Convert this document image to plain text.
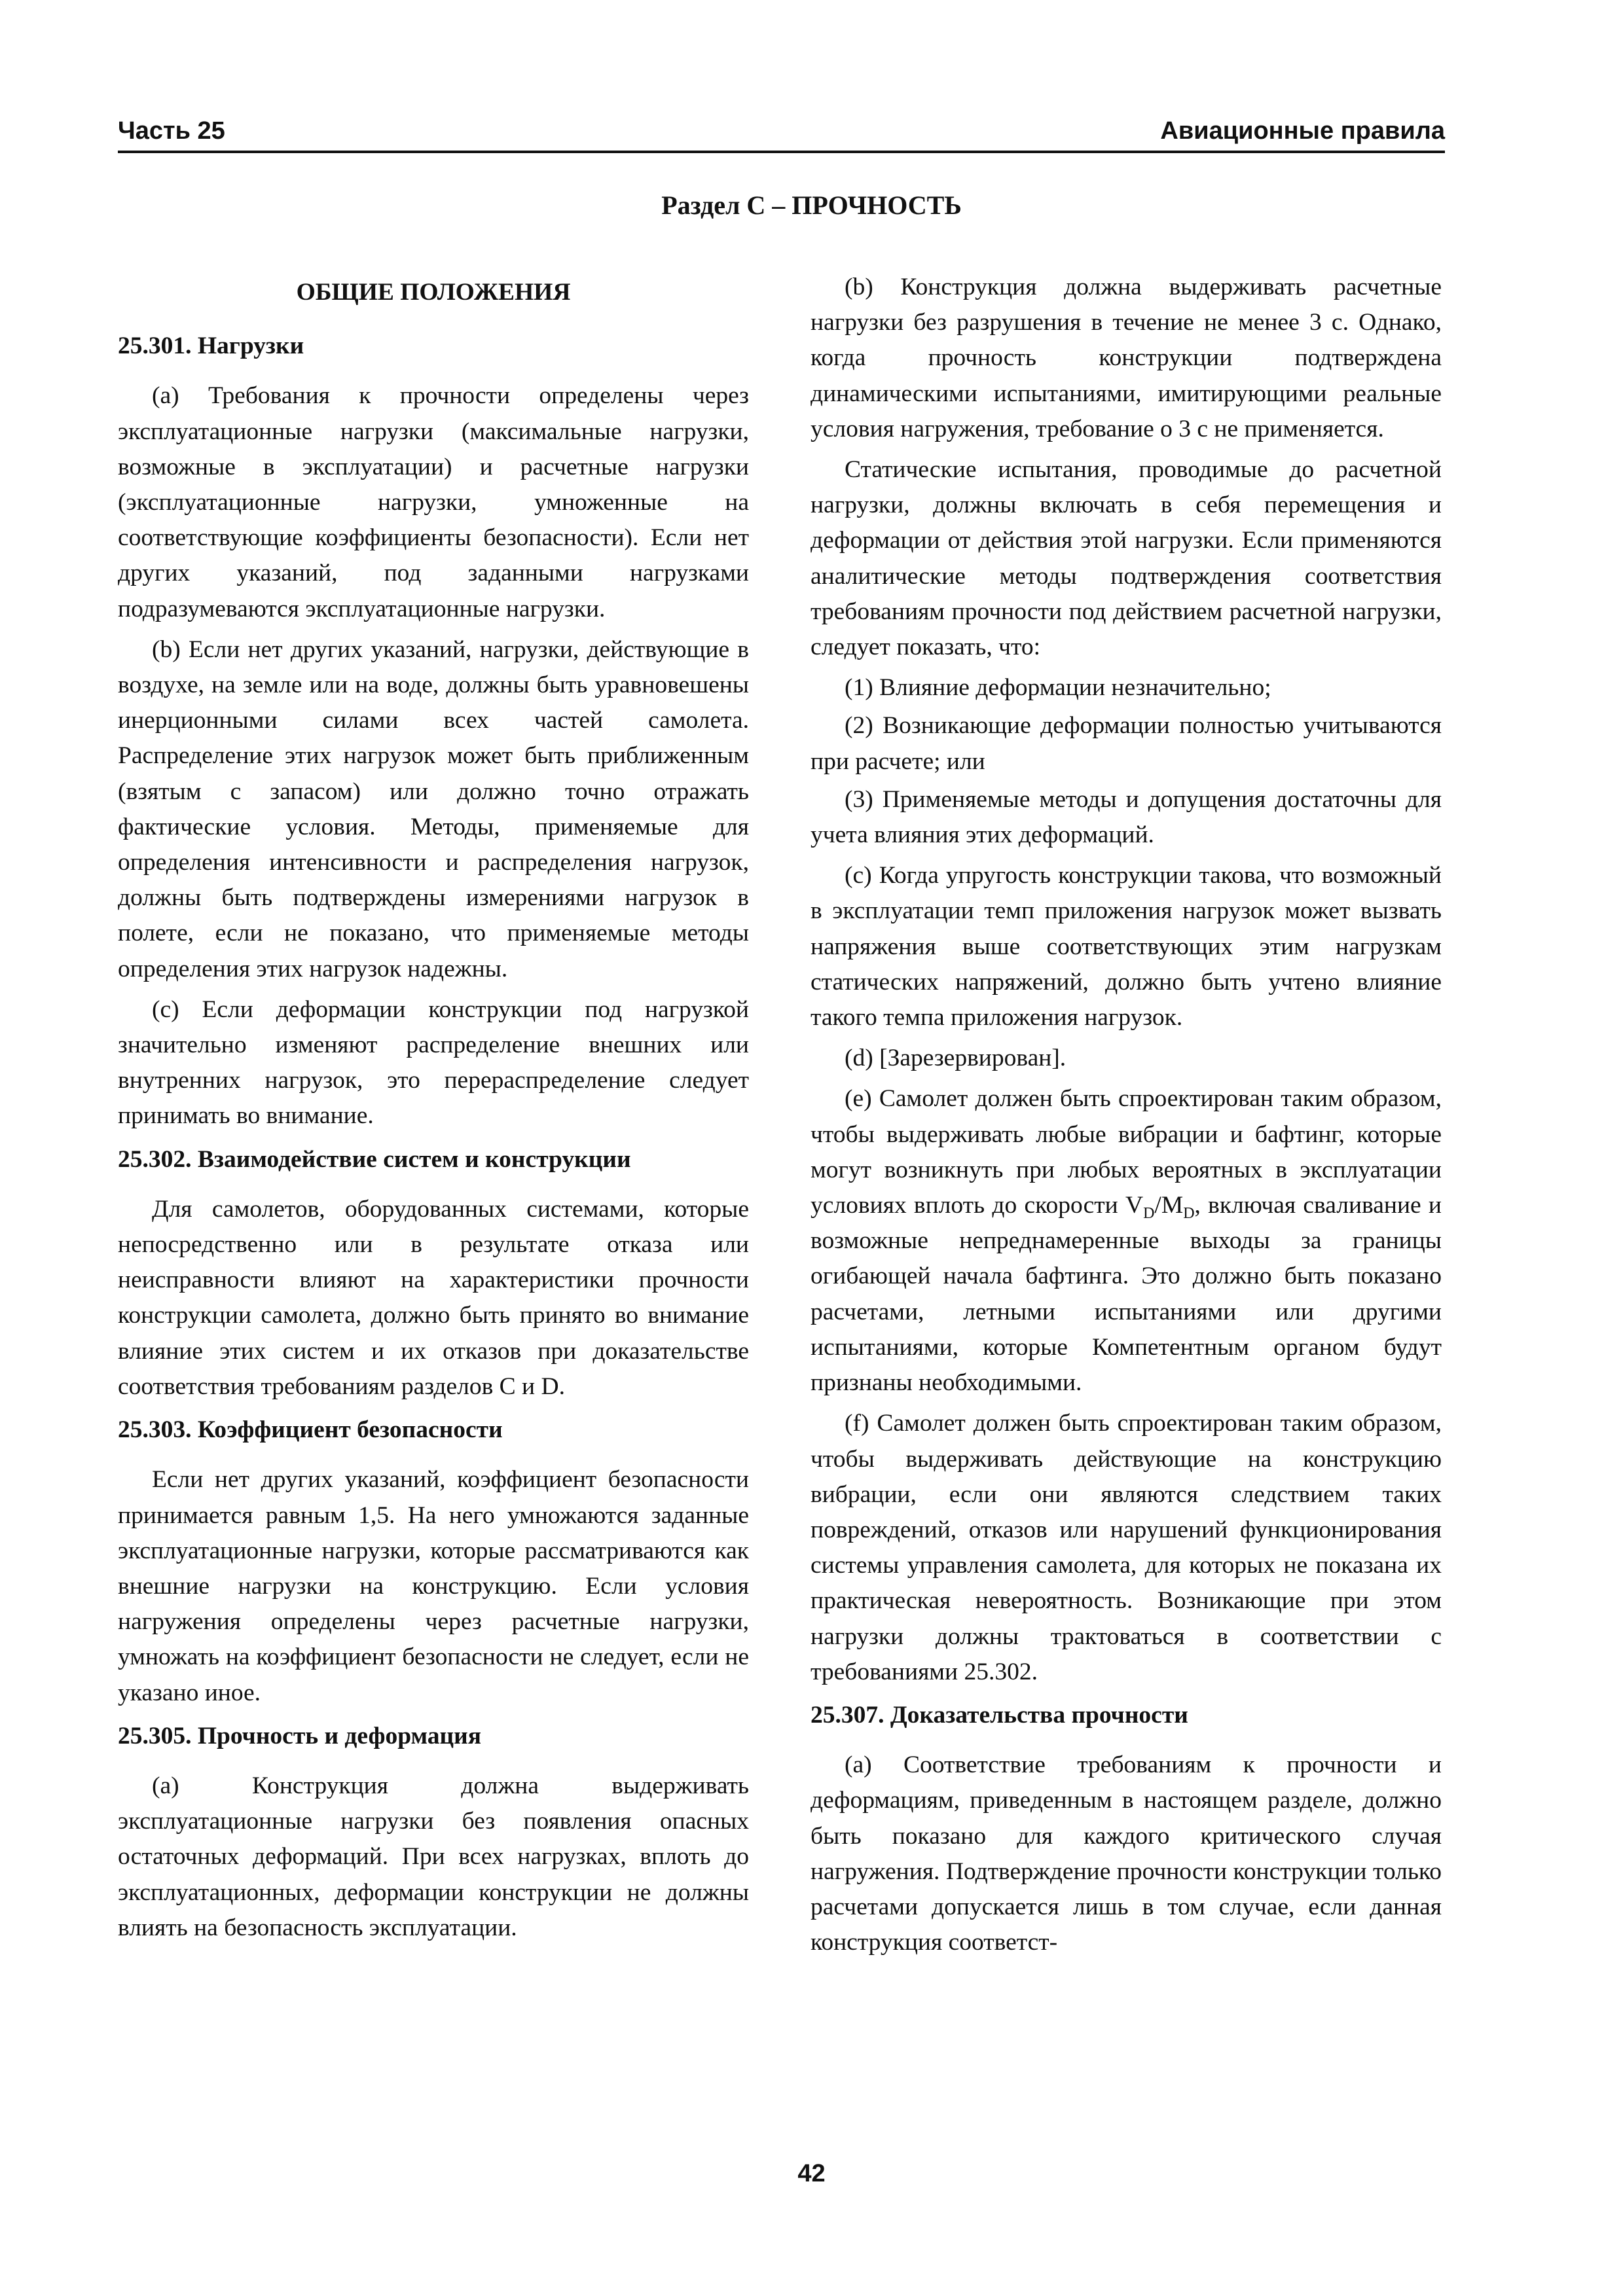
Часть 25	Авиационные правила
Раздел C – ПРОЧНОСТЬ
ОБЩИЕ ПОЛОЖЕНИЯ
25.301. Нагрузки

(a) Требования к прочности определены через эксплуатационные нагрузки (максимальные нагрузки, возможные в эксплуатации) и расчетные нагрузки (эксплуатационные нагрузки, умноженные на соответствующие коэффициенты безопасности). Если нет других указаний, под заданными нагрузками подразумеваются эксплуатационные нагрузки.

(b) Если нет других указаний, нагрузки, действующие в воздухе, на земле или на воде, должны быть уравновешены инерционными силами всех частей самолета. Распределение этих нагрузок может быть приближенным (взятым с запасом) или должно точно отражать фактические условия. Методы, применяемые для определения интенсивности и распределения нагрузок, должны быть подтверждены измерениями нагрузок в полете, если не показано, что применяемые методы определения этих нагрузок надежны.

(c) Если деформации конструкции под нагрузкой значительно изменяют распределение внешних или внутренних нагрузок, это перераспределение следует принимать во внимание.

25.302. Взаимодействие систем и конструкции

Для самолетов, оборудованных системами, которые непосредственно или в результате отказа или неисправности влияют на характеристики прочности конструкции самолета, должно быть принято во внимание влияние этих систем и их отказов при доказательстве соответствия требованиям разделов С и D.

25.303. Коэффициент безопасности

Если нет других указаний, коэффициент безопасности принимается равным 1,5. На него умножаются заданные эксплуатационные нагрузки, которые рассматриваются как внешние нагрузки на конструкцию. Если условия нагружения определены через расчетные нагрузки, умножать на коэффициент безопасности не следует, если не указано иное.

25.305. Прочность и деформация

(a) Конструкция должна выдерживать эксплуатационные нагрузки без появления опасных остаточных деформаций. При всех нагрузках, вплоть до эксплуатационных, деформации конструкции не должны влиять на безопасность эксплуатации.

(b) Конструкция должна выдерживать расчетные нагрузки без разрушения в течение не менее 3 с. Однако, когда прочность конструкции подтверждена динамическими испытаниями, имитирующими реальные условия нагружения, требование о 3 с не применяется.

Статические испытания, проводимые до расчетной нагрузки, должны включать в себя перемещения и деформации от действия этой нагрузки. Если применяются аналитические методы подтверждения соответствия требованиям прочности под действием расчетной нагрузки, следует показать, что:

(1) Влияние деформации незначительно;

(2) Возникающие деформации полностью учитываются при расчете; или

(3) Применяемые методы и допущения достаточны для учета влияния этих деформаций.

(c) Когда упругость конструкции такова, что возможный в эксплуатации темп приложения нагрузок может вызвать напряжения выше соответствующих этим нагрузкам статических напряжений, должно быть учтено влияние такого темпа приложения нагрузок.

(d) [Зарезервирован].

(e) Самолет должен быть спроектирован таким образом, чтобы выдерживать любые вибрации и бафтинг, которые могут возникнуть при любых вероятных в эксплуатации условиях вплоть до скорости $V_D/M_D$, включая сваливание и возможные непреднамеренные выходы за границы огибающей начала бафтинга. Это должно быть показано расчетами, летными испытаниями или другими испытаниями, которые Компетентным органом будут признаны необходимыми.

(f) Самолет должен быть спроектирован таким образом, чтобы выдерживать действующие на конструкцию вибрации, если они являются следствием таких повреждений, отказов или нарушений функционирования системы управления самолета, для которых не показана их практическая невероятность. Возникающие при этом нагрузки должны трактоваться в соответствии с требованиями 25.302.

25.307. Доказательства прочности

(a) Соответствие требованиям к прочности и деформациям, приведенным в настоящем разделе, должно быть показано для каждого критического случая нагружения. Подтверждение прочности конструкции только расчетами допускается лишь в том случае, если данная конструкция соответст-

42
